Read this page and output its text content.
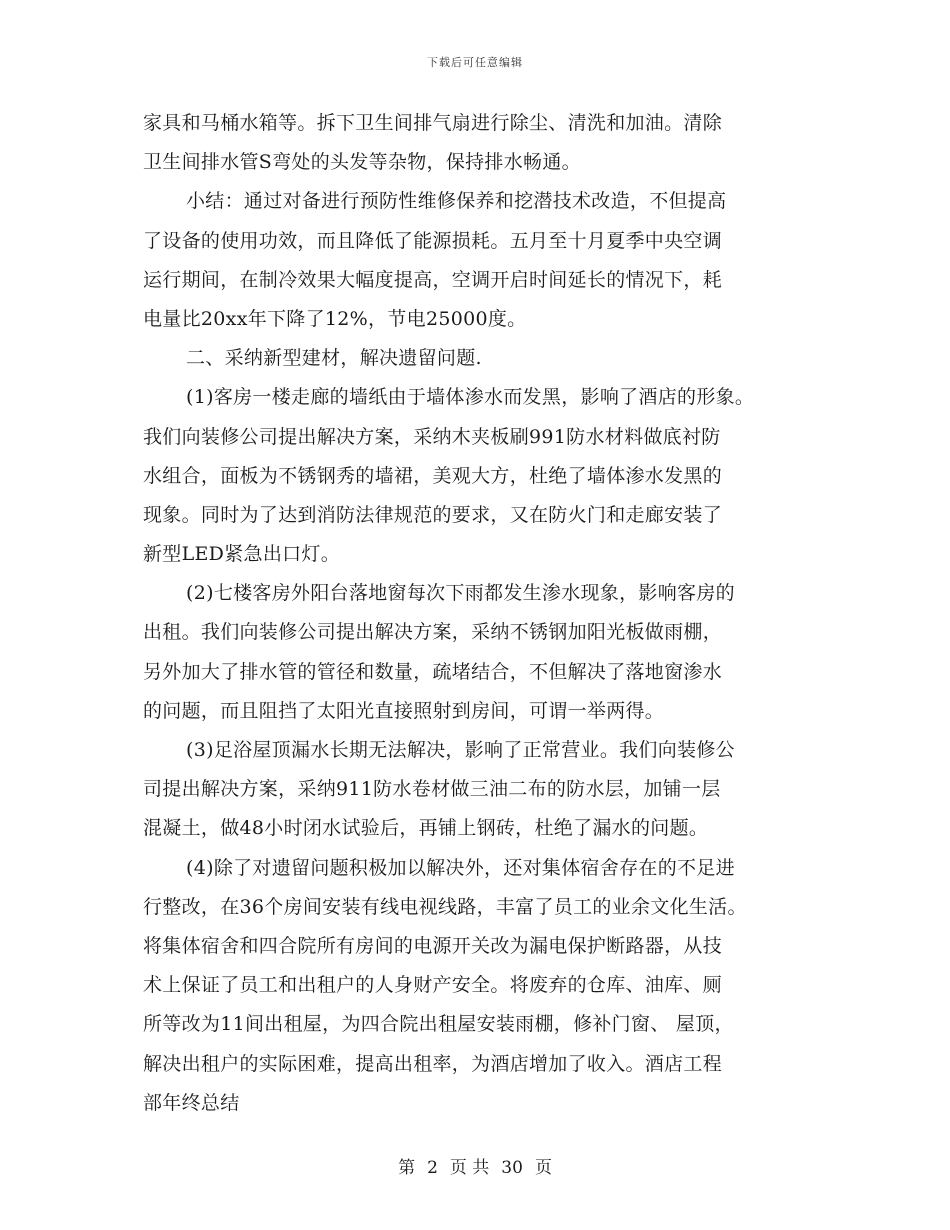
下载后可任意编辑
家具和马桶水箱等。拆下卫生间排气扇进行除尘、清洗和加油。清除
卫生间排水管S弯处的头发等杂物，保持排水畅通。
小结：通过对备进行预防性维修保养和挖潜技术改造，不但提高
了设备的使用功效，而且降低了能源损耗。五月至十月夏季中央空调
运行期间，在制冷效果大幅度提高，空调开启时间延长的情况下，耗
电量比20xx年下降了12%，节电25000度。
二、采纳新型建材，解决遗留问题.
(1)客房一楼走廊的墙纸由于墙体渗水而发黑，影响了酒店的形象。
我们向装修公司提出解决方案，采纳木夹板刷991防水材料做底衬防
水组合，面板为不锈钢秀的墙裙，美观大方，杜绝了墙体渗水发黑的
现象。同时为了达到消防法律规范的要求，又在防火门和走廊安装了
新型LED紧急出口灯。
(2)七楼客房外阳台落地窗每次下雨都发生渗水现象，影响客房的
出租。我们向装修公司提出解决方案，采纳不锈钢加阳光板做雨棚，
另外加大了排水管的管径和数量，疏堵结合，不但解决了落地窗渗水
的问题，而且阻挡了太阳光直接照射到房间，可谓一举两得。
(3)足浴屋顶漏水长期无法解决，影响了正常营业。我们向装修公
司提出解决方案，采纳911防水卷材做三油二布的防水层，加铺一层
混凝土，做48小时闭水试验后，再铺上钢砖，杜绝了漏水的问题。
(4)除了对遗留问题积极加以解决外，还对集体宿舍存在的不足进
行整改，在36个房间安装有线电视线路，丰富了员工的业余文化生活。
将集体宿舍和四合院所有房间的电源开关改为漏电保护断路器，从技
术上保证了员工和出租户的人身财产安全。将废弃的仓库、油库、厕
所等改为11间出租屋，为四合院出租屋安装雨棚，修补门窗、 屋顶，
解决出租户的实际困难，提高出租率，为酒店增加了收入。酒店工程
部年终总结
第 2 页 共 30 页
